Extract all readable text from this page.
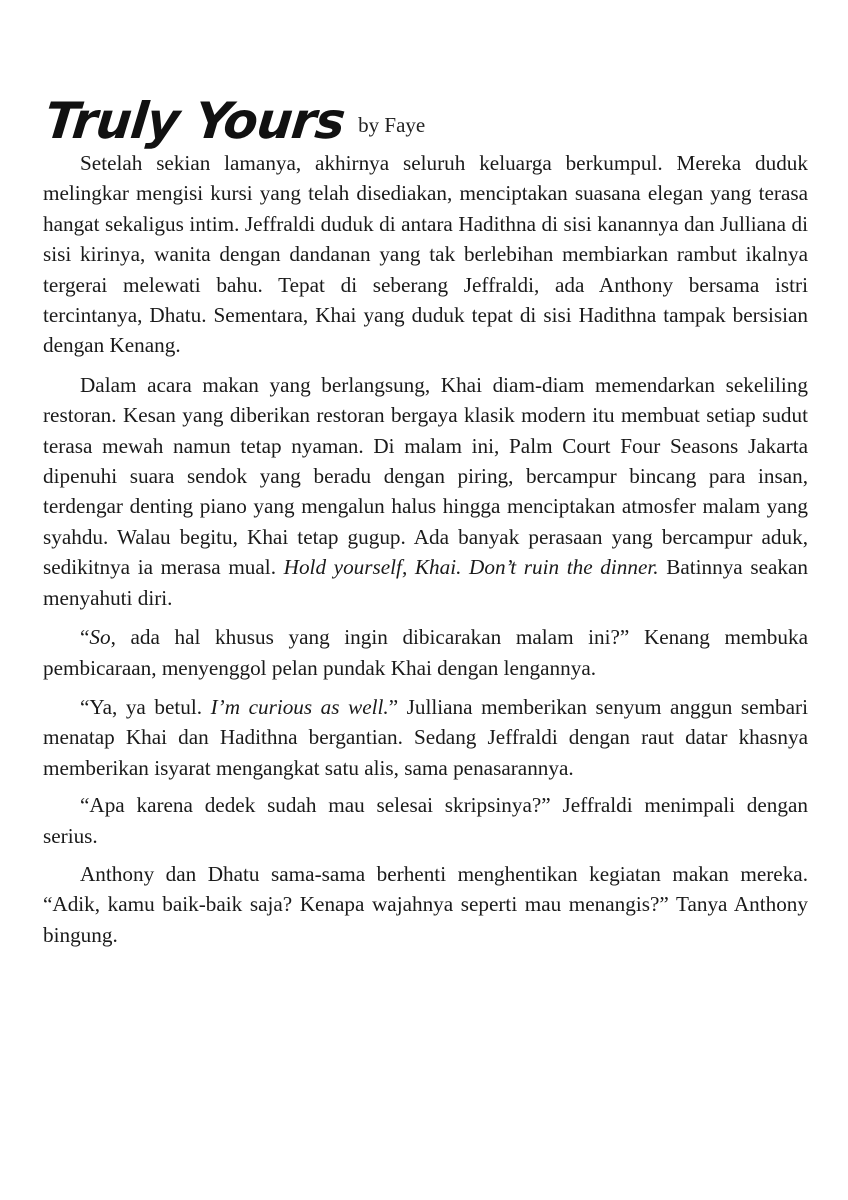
Truly Yours by Faye

Setelah sekian lamanya, akhirnya seluruh keluarga berkumpul. Mereka duduk melingkar mengisi kursi yang telah disediakan, menciptakan suasana elegan yang terasa hangat sekaligus intim. Jeffraldi duduk di antara Hadithna di sisi kanannya dan Julliana di sisi kirinya, wanita dengan dandanan yang tak berlebihan membiarkan rambut ikalnya tergerai melewati bahu. Tepat di seberang Jeffraldi, ada Anthony bersama istri tercintanya, Dhatu. Sementara, Khai yang duduk tepat di sisi Hadithna tampak bersisian dengan Kenang.

Dalam acara makan yang berlangsung, Khai diam-diam memendarkan sekeliling restoran. Kesan yang diberikan restoran bergaya klasik modern itu membuat setiap sudut terasa mewah namun tetap nyaman. Di malam ini, Palm Court Four Seasons Jakarta dipenuhi suara sendok yang beradu dengan piring, bercampur bincang para insan, terdengar denting piano yang mengalun halus hingga menciptakan atmosfer malam yang syahdu. Walau begitu, Khai tetap gugup. Ada banyak perasaan yang bercampur aduk, sedikitnya ia merasa mual. Hold yourself, Khai. Don’t ruin the dinner. Batinnya seakan menyahuti diri.

“So, ada hal khusus yang ingin dibicarakan malam ini?” Kenang membuka pembicaraan, menyenggol pelan pundak Khai dengan lengannya.

“Ya, ya betul. I’m curious as well.” Julliana memberikan senyum anggun sembari menatap Khai dan Hadithna bergantian. Sedang Jeffraldi dengan raut datar khasnya memberikan isyarat mengangkat satu alis, sama penasarannya.

“Apa karena dedek sudah mau selesai skripsinya?” Jeffraldi menimpali dengan serius.

Anthony dan Dhatu sama-sama berhenti menghentikan kegiatan makan mereka. “Adik, kamu baik-baik saja? Kenapa wajahnya seperti mau menangis?” Tanya Anthony bingung.
